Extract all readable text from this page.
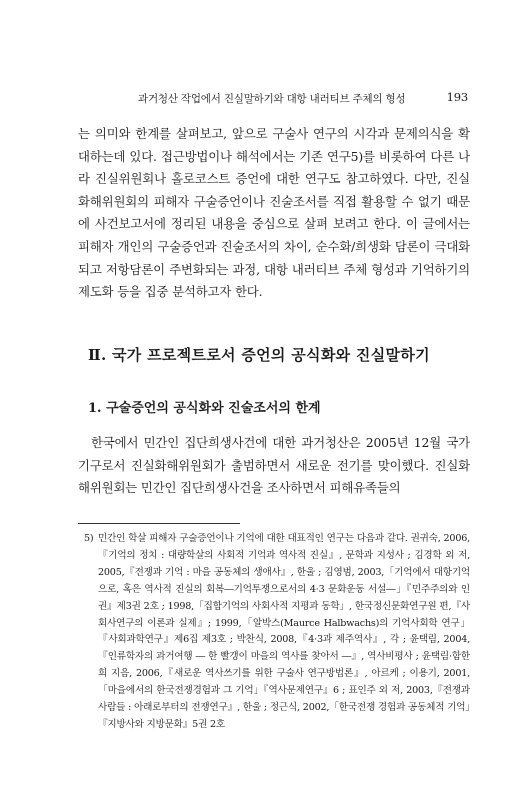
과거청산 작업에서 진실말하기와 대항 내러티브 주체의 형성	193

는 의미와 한계를 살펴보고, 앞으로 구술사 연구의 시각과 문제의식을 확대하는데 있다. 접근방법이나 해석에서는 기존 연구5)를 비롯하여 다른 나라 진실위원회나 홀로코스트 증언에 대한 연구도 참고하였다. 다만, 진실화해위원회의 피해자 구술증언이나 진술조서를 직접 활용할 수 없기 때문에 사건보고서에 정리된 내용을 중심으로 살펴 보려고 한다. 이 글에서는 피해자 개인의 구술증언과 진술조서의 차이, 순수화/희생화 담론이 극대화되고 저항담론이 주변화되는 과정, 대항 내러티브 주체 형성과 기억하기의 제도화 등을 집중 분석하고자 한다.

Ⅱ. 국가 프로젝트로서 증언의 공식화와 진실말하기
1. 구술증언의 공식화와 진술조서의 한계

한국에서 민간인 집단희생사건에 대한 과거청산은 2005년 12월 국가기구로서 진실화해위원회가 출범하면서 새로운 전기를 맞이했다. 진실화해위원회는 민간인 집단희생사건을 조사하면서 피해유족들의

5) 민간인 학살 피해자 구술증언이나 기억에 대한 대표적인 연구는 다음과 같다. 권귀숙, 2006,『기억의 정치 : 대량학살의 사회적 기억과 역사적 진실』, 문학과 지성사 ; 김경학 외 저, 2005,『전쟁과 기억 : 마을 공동체의 생애사』, 한울 ; 김영범, 2003,「기억에서 대항기억으로, 혹은 역사적 진실의 회복―기억투쟁으로서의 4·3 문화운동 서설―」『민주주의와 인권』제3권 2호 ; 1998,「집합기억의 사회사적 지평과 동학」, 한국정신문화연구원 편,『사회사연구의 이론과 실제』; 1999,「알박스(Maurce Halbwachs)의 기억사회학 연구」『사회과학연구』제6집 제3호 ; 박찬식, 2008,『4·3과 제주역사』, 각 ; 윤택림, 2004,『인류학자의 과거여행 ― 한 빨갱이 마을의 역사를 찾아서 ―』, 역사비평사 ; 윤택림·함한희 지음, 2006,『새로운 역사쓰기를 위한 구술사 연구방법론』, 아르케 ; 이용기, 2001,「마을에서의 한국전쟁경험과 그 기억」『역사문제연구』6 ; 표인주 외 저, 2003,『전쟁과 사람들 : 아래로부터의 전쟁연구』, 한울 ; 정근식, 2002,「한국전쟁 경험과 공동체적 기억」『지방사와 지방문화』5권 2호
